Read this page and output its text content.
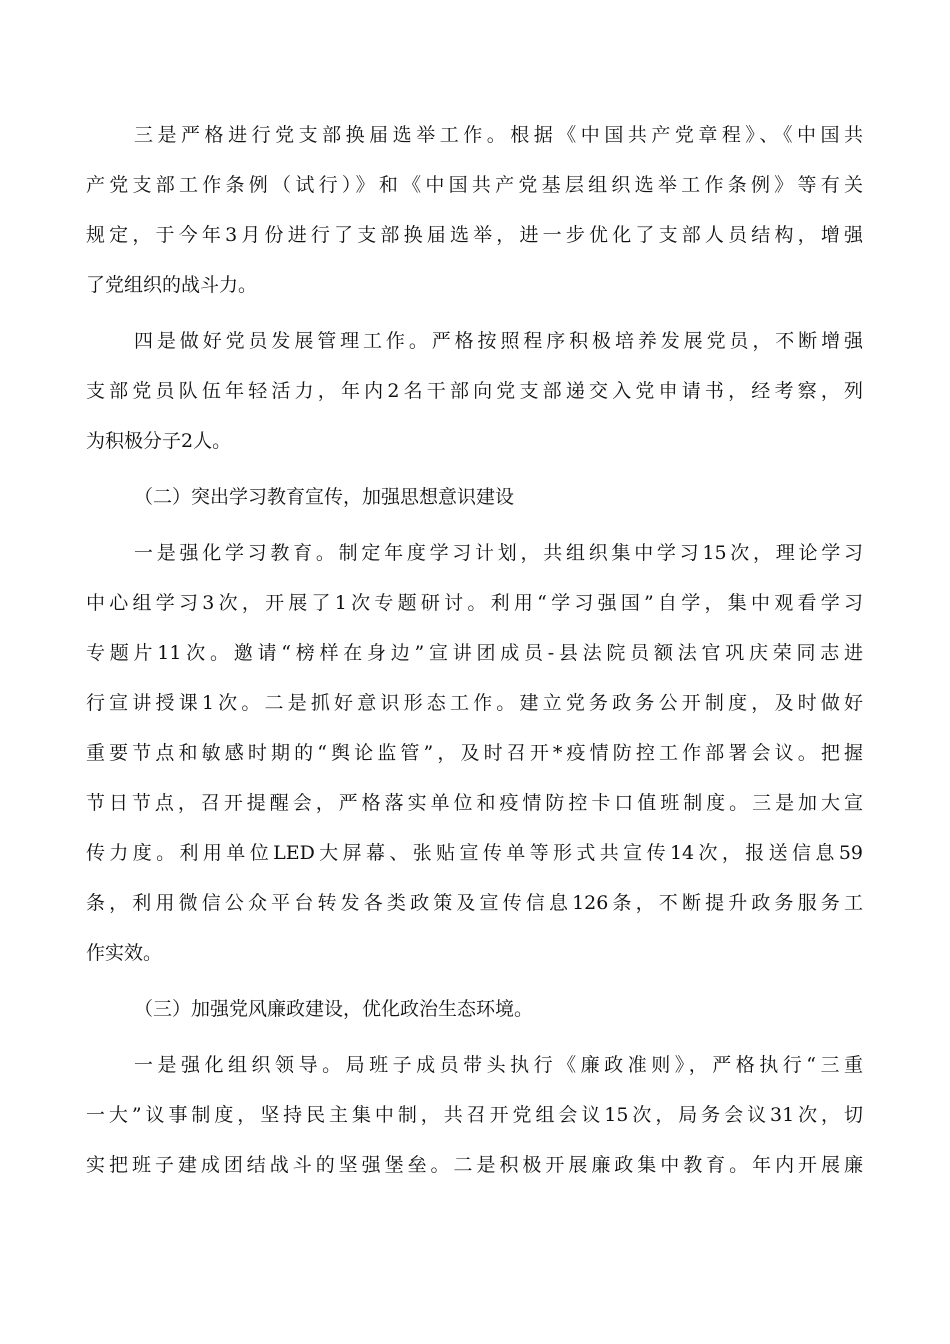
三是严格进行党支部换届选举工作。根据《中国共产党章程》、《中国共
产党支部工作条例（试行）》和《中国共产党基层组织选举工作条例》等有关
规定，于今年3月份进行了支部换届选举，进一步优化了支部人员结构，增强
了党组织的战斗力。
四是做好党员发展管理工作。严格按照程序积极培养发展党员，不断增强
支部党员队伍年轻活力，年内2名干部向党支部递交入党申请书，经考察，列
为积极分子2人。
（二）突出学习教育宣传，加强思想意识建设
一是强化学习教育。制定年度学习计划，共组织集中学习15次，理论学习
中心组学习3次，开展了1次专题研讨。利用“学习强国”自学，集中观看学习
专题片11次。邀请“榜样在身边”宣讲团成员-县法院员额法官巩庆荣同志进
行宣讲授课1次。二是抓好意识形态工作。建立党务政务公开制度，及时做好
重要节点和敏感时期的“舆论监管”，及时召开*疫情防控工作部署会议。把握
节日节点，召开提醒会，严格落实单位和疫情防控卡口值班制度。三是加大宣
传力度。利用单位LED大屏幕、张贴宣传单等形式共宣传14次，报送信息59
条，利用微信公众平台转发各类政策及宣传信息126条，不断提升政务服务工
作实效。
（三）加强党风廉政建设，优化政治生态环境。
一是强化组织领导。局班子成员带头执行《廉政准则》，严格执行“三重
一大”议事制度，坚持民主集中制，共召开党组会议15次，局务会议31次，切
实把班子建成团结战斗的坚强堡垒。二是积极开展廉政集中教育。年内开展廉
